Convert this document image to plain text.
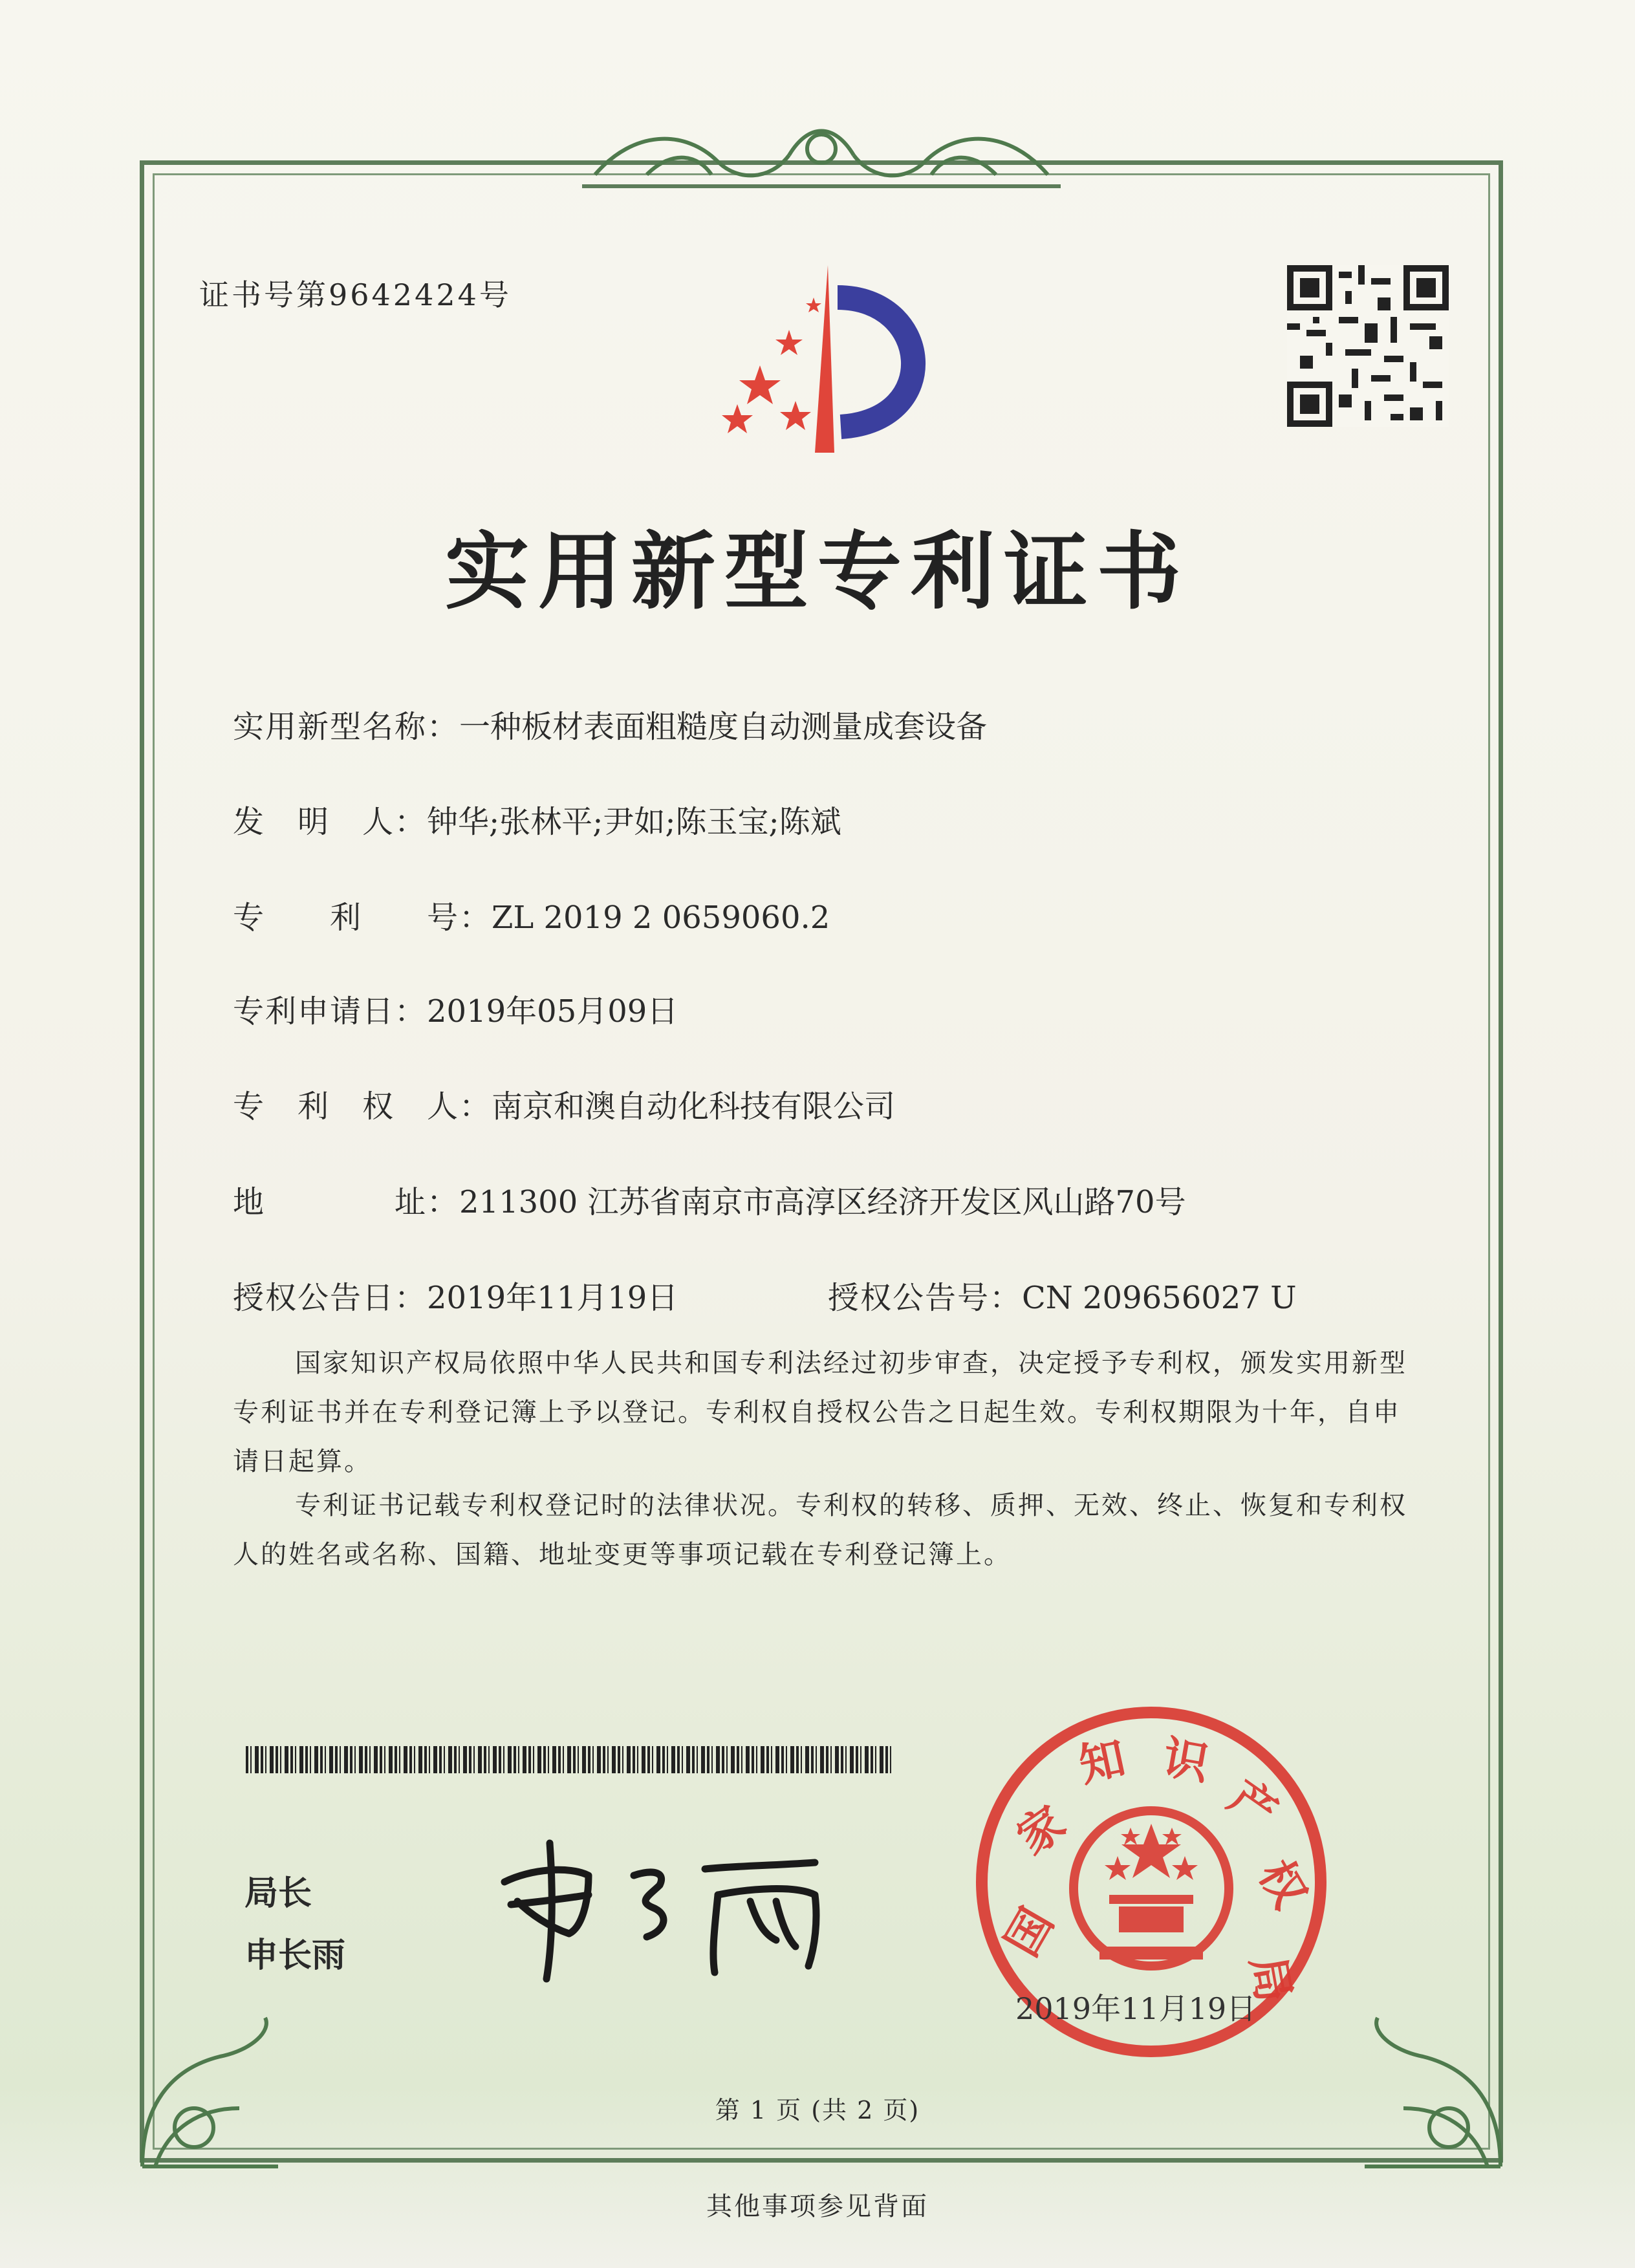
证书号第9642424号
实用新型专利证书
实用新型名称：一种板材表面粗糙度自动测量成套设备
发　明　人：钟华;张林平;尹如;陈玉宝;陈斌
专　　利　　号：ZL 2019 2 0659060.2
专利申请日：2019年05月09日
专　利　权　人：南京和澳自动化科技有限公司
地　　　　址：211300 江苏省南京市高淳区经济开发区风山路70号
授权公告日：2019年11月19日	授权公告号：CN 209656027 U
国家知识产权局依照中华人民共和国专利法经过初步审查，决定授予专利权，颁发实用新型专利证书并在专利登记簿上予以登记。专利权自授权公告之日起生效。专利权期限为十年，自申请日起算。
专利证书记载专利权登记时的法律状况。专利权的转移、质押、无效、终止、恢复和专利权人的姓名或名称、国籍、地址变更等事项记载在专利登记簿上。
局长
申长雨	国
家
知 识
产
权
局
2019年11月19日
第 1 页 (共 2 页)
其他事项参见背面
